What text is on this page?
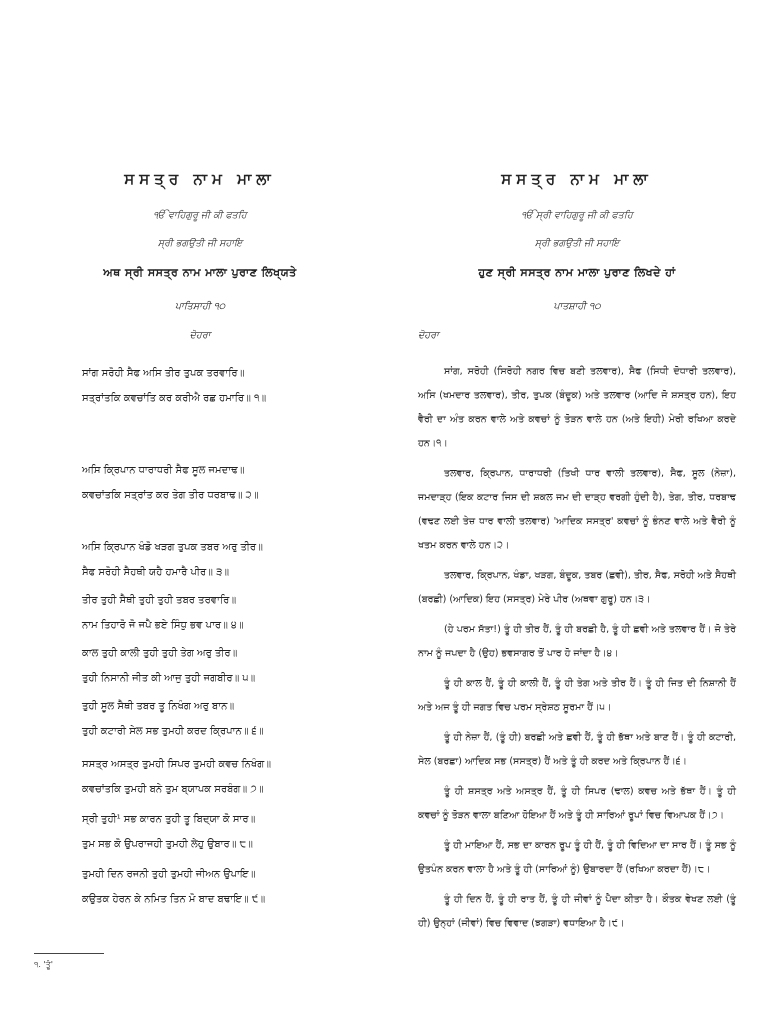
ਸਸਤ੍ਰ ਨਾਮ ਮਾਲਾ

ੴ ਵਾਹਿਗੁਰੂ ਜੀ ਕੀ ਫਤਹਿ

ਸ੍ਰੀ ਭਗਉਤੀ ਜੀ ਸਹਾਇ

ਅਥ ਸ੍ਰੀ ਸਸਤ੍ਰ ਨਾਮ ਮਾਲਾ ਪੁਰਾਣ ਲਿਖ੍ਯਤੇ

ਪਾਤਿਸਾਹੀ ੧੦

ਦੋਹਰਾ

ਸਾਂਗ ਸਰੋਹੀ ਸੈਫ ਅਸਿ ਤੀਰ ਤੁਪਕ ਤਰਵਾਰਿ॥
ਸਤ੍ਰਾਂਤਕਿ ਕਵਚਾਂਤਿ ਕਰ ਕਰੀਐ ਰਛ ਹਮਾਰਿ॥ ੧॥
ਅਸਿ ਕ੍ਰਿਪਾਨ ਧਾਰਾਧਰੀ ਸੈਫ ਸੂਲ ਜਮਦਾਢ॥
ਕਵਚਾਂਤਕਿ ਸਤ੍ਰਾਂਤ ਕਰ ਤੇਗ ਤੀਰ ਧਰਬਾਢ॥ ੨॥
ਅਸਿ ਕ੍ਰਿਪਾਨ ਖੰਡੋ ਖੜਗ ਤੁਪਕ ਤਬਰ ਅਰੁ ਤੀਰ॥
ਸੈਫ ਸਰੋਹੀ ਸੈਹਥੀ ਯਹੈ ਹਮਾਰੈ ਪੀਰ॥ ੩॥
ਤੀਰ ਤੁਹੀ ਸੈਥੀ ਤੁਹੀ ਤੁਹੀ ਤਬਰ ਤਰਵਾਰਿ॥
ਨਾਮ ਤਿਹਾਰੋ ਜੋ ਜਪੈ ਭਏ ਸਿੰਧੁ ਭਵ ਪਾਰ॥ ੪॥
ਕਾਲ ਤੁਹੀ ਕਾਲੀ ਤੁਹੀ ਤੁਹੀ ਤੇਗ ਅਰੁ ਤੀਰ॥
ਤੁਹੀ ਨਿਸਾਨੀ ਜੀਤ ਕੀ ਆਜੁ ਤੁਹੀ ਜਗਬੀਰ॥ ੫॥
ਤੁਹੀ ਸੂਲ ਸੈਥੀ ਤਬਰ ਤੂ ਨਿਖੰਗ ਅਰੁ ਬਾਨ॥
ਤੁਹੀ ਕਟਾਰੀ ਸੇਲ ਸਭ ਤੁਮਹੀ ਕਰਦ ਕ੍ਰਿਪਾਨ॥ ੬॥
ਸਸਤ੍ਰ ਅਸਤ੍ਰ ਤੁਮਹੀ ਸਿਪਰ ਤੁਮਹੀ ਕਵਚ ਨਿਖੰਗ॥
ਕਵਚਾਂਤਕਿ ਤੁਮਹੀ ਬਨੇ ਤੁਮ ਬ੍ਯਾਪਕ ਸਰਬੰਗ॥ ੭॥
ਸ੍ਰੀ ਤੁਹੀ¹ ਸਭ ਕਾਰਨ ਤੁਹੀ ਤੂ ਬਿਦ੍ਯਾ ਕੋ ਸਾਰ॥
ਤੁਮ ਸਭ ਕੋ ਉਪਰਾਜਹੀ ਤੁਮਹੀ ਲੇਹੁ ਉਬਾਰ॥ ੮॥
ਤੁਮਹੀ ਦਿਨ ਰਜਨੀ ਤੁਹੀ ਤੁਮਹੀ ਜੀਅਨ ਉਪਾਇ॥
ਕਉਤਕ ਹੇਰਨ ਕੇ ਨਮਿਤ ਤਿਨ ਮੋ ਬਾਦ ਬਢਾਇ॥ ੯॥

ਸਸਤ੍ਰ ਨਾਮ ਮਾਲਾ

ੴ ਸ੍ਰੀ ਵਾਹਿਗੁਰੂ ਜੀ ਕੀ ਫਤਹਿ

ਸ੍ਰੀ ਭਗਉਤੀ ਜੀ ਸਹਾਇ

ਹੁਣ ਸ੍ਰੀ ਸਸਤ੍ਰ ਨਾਮ ਮਾਲਾ ਪੁਰਾਣ ਲਿਖਦੇ ਹਾਂ

ਪਾਤਸ਼ਾਹੀ ੧੦

ਦੋਹਰਾ

ਸਾਂਗ, ਸਰੋਹੀ (ਸਿਰੋਹੀ ਨਗਰ ਵਿਚ ਬਣੀ ਤਲਵਾਰ), ਸੈਫ (ਸਿਧੀ ਦੋਧਾਰੀ ਤਲਵਾਰ), ਅਸਿ (ਖਮਦਾਰ ਤਲਵਾਰ), ਤੀਰ, ਤੁਪਕ (ਬੰਦੂਕ) ਅਤੇ ਤਲਵਾਰ (ਆਦਿ ਜੋ ਸ਼ਸਤ੍ਰ ਹਨ), ਇਹ ਵੈਰੀ ਦਾ ਅੰਤ ਕਰਨ ਵਾਲੇ ਅਤੇ ਕਵਚਾਂ ਨੂੰ ਤੋੜਨ ਵਾਲੇ ਹਨ (ਅਤੇ ਇਹੀ) ਮੇਰੀ ਰਖਿਆ ਕਰਦੇ ਹਨ।੧।

ਤਲਵਾਰ, ਕ੍ਰਿਪਾਨ, ਧਾਰਾਧਰੀ (ਤਿਖੀ ਧਾਰ ਵਾਲੀ ਤਲਵਾਰ), ਸੈਫ, ਸੂਲ (ਨੇਜ਼ਾ), ਜਮਦਾੜ੍ਹ (ਇਕ ਕਟਾਰ ਜਿਸ ਦੀ ਸ਼ਕਲ ਜਮ ਦੀ ਦਾੜ੍ਹ ਵਰਗੀ ਹੁੰਦੀ ਹੈ), ਤੇਗ, ਤੀਰ, ਧਰਬਾਢ (ਵਢਣ ਲਈ ਤੇਜ਼ ਧਾਰ ਵਾਲੀ ਤਲਵਾਰ) 'ਆਦਿਕ ਸਸਤ੍ਰ' ਕਵਚਾਂ ਨੂੰ ਭੰਨਣ ਵਾਲੇ ਅਤੇ ਵੈਰੀ ਨੂੰ ਖਤਮ ਕਰਨ ਵਾਲੇ ਹਨ।੨।

ਤਲਵਾਰ, ਕ੍ਰਿਪਾਨ, ਖੰਡਾ, ਖੜਗ, ਬੰਦੂਕ, ਤਬਰ (ਛਵੀ), ਤੀਰ, ਸੈਫ, ਸਰੋਹੀ ਅਤੇ ਸੈਹਥੀ (ਬਰਛੀ) (ਆਦਿਕ) ਇਹ (ਸਸਤ੍ਰ) ਮੇਰੇ ਪੀਰ (ਅਥਵਾ ਗੁਰੂ) ਹਨ।੩।

(ਹੇ ਪਰਮ ਸੱਤਾ!) ਤੂੰ ਹੀ ਤੀਰ ਹੈਂ, ਤੂੰ ਹੀ ਬਰਛੀ ਹੈ, ਤੂੰ ਹੀ ਛਵੀ ਅਤੇ ਤਲਵਾਰ ਹੈਂ। ਜੋ ਤੇਰੇ ਨਾਮ ਨੂੰ ਜਪਦਾ ਹੈ (ਉਹ) ਭਵਸਾਗਰ ਤੋਂ ਪਾਰ ਹੋ ਜਾਂਦਾ ਹੈ।੪।

ਤੂੰ ਹੀ ਕਾਲ ਹੈਂ, ਤੂੰ ਹੀ ਕਾਲੀ ਹੈਂ, ਤੂੰ ਹੀ ਤੇਗ ਅਤੇ ਤੀਰ ਹੈਂ। ਤੂੰ ਹੀ ਜਿਤ ਦੀ ਨਿਸ਼ਾਨੀ ਹੈਂ ਅਤੇ ਅਜ ਤੂੰ ਹੀ ਜਗਤ ਵਿਚ ਪਰਮ ਸ੍ਰੇਸ਼ਠ ਸੂਰਮਾ ਹੈਂ।੫।

ਤੂੰ ਹੀ ਨੇਜ਼ਾ ਹੈਂ, (ਤੂੰ ਹੀ) ਬਰਛੀ ਅਤੇ ਛਵੀ ਹੈਂ, ਤੂੰ ਹੀ ਭੱਥਾ ਅਤੇ ਬਾਣ ਹੈਂ। ਤੂੰ ਹੀ ਕਟਾਰੀ, ਸੇਲ (ਬਰਛਾ) ਆਦਿਕ ਸਭ (ਸਸਤ੍ਰ) ਹੈਂ ਅਤੇ ਤੂੰ ਹੀ ਕਰਦ ਅਤੇ ਕ੍ਰਿਪਾਨ ਹੈਂ।੬।

ਤੂੰ ਹੀ ਸ਼ਸਤ੍ਰ ਅਤੇ ਅਸਤ੍ਰ ਹੈਂ, ਤੂੰ ਹੀ ਸਿਪਰ (ਢਾਲ) ਕਵਚ ਅਤੇ ਭੱਥਾ ਹੈਂ। ਤੂੰ ਹੀ ਕਵਚਾਂ ਨੂੰ ਤੋੜਨ ਵਾਲਾ ਬਣਿਆ ਹੋਇਆ ਹੈਂ ਅਤੇ ਤੂੰ ਹੀ ਸਾਰਿਆਂ ਰੂਪਾਂ ਵਿਚ ਵਿਆਪਕ ਹੈਂ।੭।

ਤੂੰ ਹੀ ਮਾਇਆ ਹੈਂ, ਸਭ ਦਾ ਕਾਰਨ ਰੂਪ ਤੂੰ ਹੀ ਹੈਂ, ਤੂੰ ਹੀ ਵਿਦਿਆ ਦਾ ਸਾਰ ਹੈਂ। ਤੂੰ ਸਭ ਨੂੰ ਉਤਪੰਨ ਕਰਨ ਵਾਲਾ ਹੈ ਅਤੇ ਤੂੰ ਹੀ (ਸਾਰਿਆਂ ਨੂੰ) ਉਬਾਰਦਾ ਹੈਂ (ਰਖਿਆ ਕਰਦਾ ਹੈਂ)।੮।

ਤੂੰ ਹੀ ਦਿਨ ਹੈਂ, ਤੂੰ ਹੀ ਰਾਤ ਹੈਂ, ਤੂੰ ਹੀ ਜੀਵਾਂ ਨੂੰ ਪੈਦਾ ਕੀਤਾ ਹੈ। ਕੌਤਕ ਵੇਖਣ ਲਈ (ਤੂੰ ਹੀ) ਉਨ੍ਹਾਂ (ਜੀਵਾਂ) ਵਿਚ ਵਿਵਾਦ (ਝਗੜਾ) ਵਧਾਇਆ ਹੈ।੯।

੧. 'ਤੂੰ'
